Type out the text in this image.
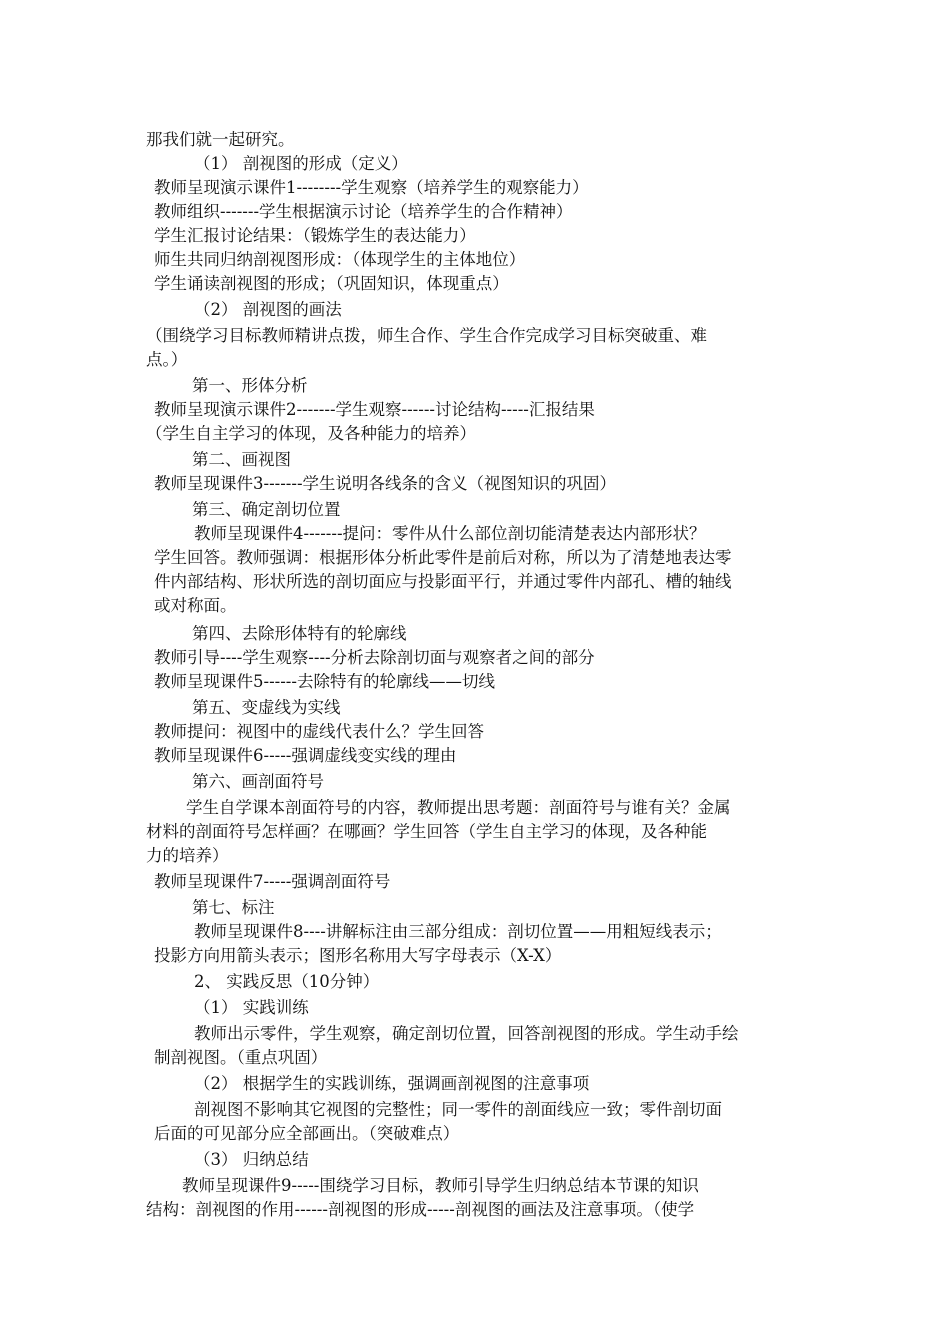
那我们就一起研究。
（1） 剖视图的形成（定义）
教师呈现演示课件1--------学生观察（培养学生的观察能力）
教师组织-------学生根据演示讨论（培养学生的合作精神）
学生汇报讨论结果：（锻炼学生的表达能力）
师生共同归纳剖视图形成：（体现学生的主体地位）
学生诵读剖视图的形成；（巩固知识，体现重点）
（2） 剖视图的画法
（围绕学习目标教师精讲点拨，师生合作、学生合作完成学习目标突破重、难
点。）
第一、形体分析
教师呈现演示课件2-------学生观察------讨论结构-----汇报结果
（学生自主学习的体现，及各种能力的培养）
第二、画视图
教师呈现课件3-------学生说明各线条的含义（视图知识的巩固）
第三、确定剖切位置
教师呈现课件4-------提问：零件从什么部位剖切能清楚表达内部形状？
学生回答。教师强调：根据形体分析此零件是前后对称，所以为了清楚地表达零
件内部结构、形状所选的剖切面应与投影面平行，并通过零件内部孔、槽的轴线
或对称面。
第四、去除形体特有的轮廓线
教师引导----学生观察----分析去除剖切面与观察者之间的部分
教师呈现课件5------去除特有的轮廓线——切线
第五、变虚线为实线
教师提问：视图中的虚线代表什么？学生回答
教师呈现课件6-----强调虚线变实线的理由
第六、画剖面符号
学生自学课本剖面符号的内容，教师提出思考题：剖面符号与谁有关？金属
材料的剖面符号怎样画？在哪画？学生回答（学生自主学习的体现，及各种能
力的培养）
教师呈现课件7-----强调剖面符号
第七、标注
教师呈现课件8----讲解标注由三部分组成：剖切位置——用粗短线表示；
投影方向用箭头表示；图形名称用大写字母表示（X-X）
2、 实践反思（10分钟）
（1） 实践训练
教师出示零件，学生观察，确定剖切位置，回答剖视图的形成。学生动手绘
制剖视图。（重点巩固）
（2） 根据学生的实践训练，强调画剖视图的注意事项
剖视图不影响其它视图的完整性；同一零件的剖面线应一致；零件剖切面
后面的可见部分应全部画出。（突破难点）
（3） 归纳总结
教师呈现课件9-----围绕学习目标，教师引导学生归纳总结本节课的知识
结构：剖视图的作用------剖视图的形成-----剖视图的画法及注意事项。（使学
